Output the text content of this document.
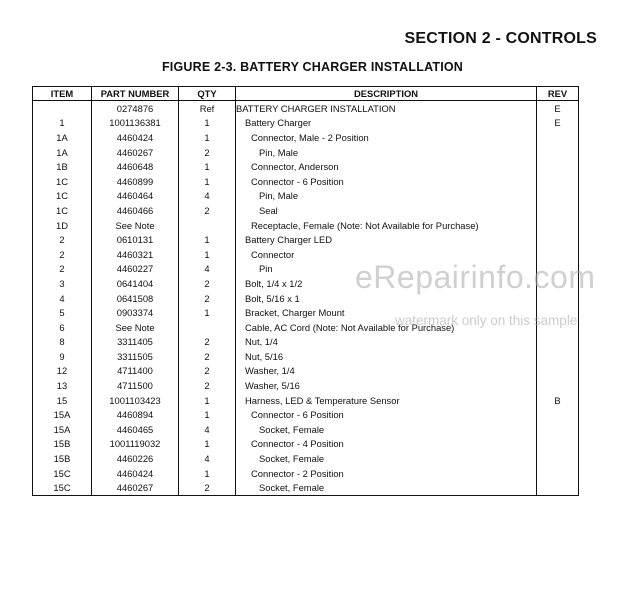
SECTION 2 - CONTROLS
FIGURE 2-3. BATTERY CHARGER INSTALLATION
ITEM	PART NUMBER	QTY	DESCRIPTION	REV
	0274876	Ref	BATTERY CHARGER INSTALLATION	E
1	1001136381	1	Battery Charger	E
1A	4460424	1	Connector, Male - 2 Position	
1A	4460267	2	Pin, Male	
1B	4460648	1	Connector, Anderson	
1C	4460899	1	Connector - 6 Position	
1C	4460464	4	Pin, Male	
1C	4460466	2	Seal	
1D	See Note		Receptacle, Female (Note: Not Available for Purchase)	
2	0610131	1	Battery Charger LED	
2	4460321	1	Connector	
2	4460227	4	Pin	
3	0641404	2	Bolt, 1/4 x 1/2	
4	0641508	2	Bolt, 5/16 x 1	
5	0903374	1	Bracket, Charger Mount	
6	See Note		Cable, AC Cord (Note: Not Available for Purchase)	
8	3311405	2	Nut, 1/4	
9	3311505	2	Nut, 5/16	
12	4711400	2	Washer, 1/4	
13	4711500	2	Washer, 5/16	
15	1001103423	1	Harness, LED & Temperature Sensor	B
15A	4460894	1	Connector - 6 Position	
15A	4460465	4	Socket, Female	
15B	1001119032	1	Connector - 4 Position	
15B	4460226	4	Socket, Female	
15C	4460424	1	Connector - 2 Position	
15C	4460267	2	Socket, Female	
eRepairinfo.com
watermark only on this sample
